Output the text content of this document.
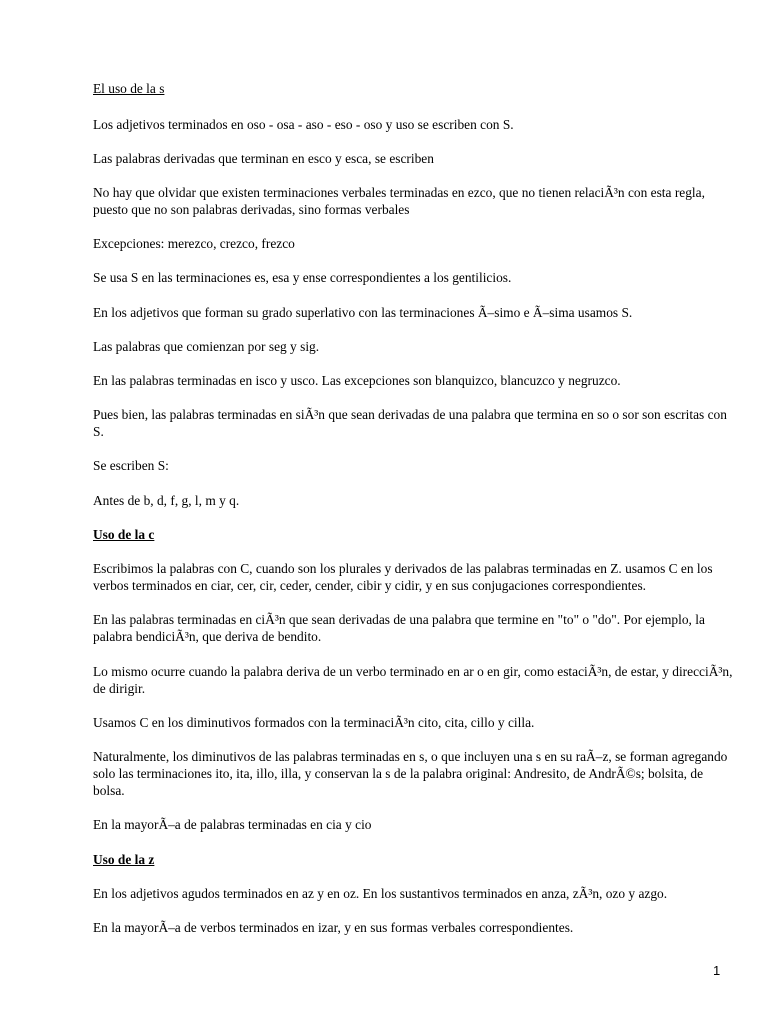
El uso de la s

Los adjetivos terminados en oso - osa - aso - eso - oso y uso se escriben con S.

Las palabras derivadas que terminan en esco y esca, se escriben

No hay que olvidar que existen terminaciones verbales terminadas en ezco, que no tienen relaciÃ³n con esta regla, puesto que no son palabras derivadas, sino formas verbales

Excepciones: merezco, crezco, frezco

Se usa S en las terminaciones es, esa y ense correspondientes a los gentilicios.

En los adjetivos que forman su grado superlativo con las terminaciones Ã–simo e Ã–sima usamos S.

Las palabras que comienzan por seg y sig.

En las palabras terminadas en isco y usco. Las excepciones son blanquizco, blancuzco y negruzco.

Pues bien, las palabras terminadas en siÃ³n que sean derivadas de una palabra que termina en so o sor son escritas con S.

Se escriben S:

Antes de b, d, f, g, l, m y q.

Uso de la c

Escribimos la palabras con C, cuando son los plurales y derivados de las palabras terminadas en Z. usamos C en los verbos terminados en ciar, cer, cir, ceder, cender, cibir y cidir, y en sus conjugaciones correspondientes.

En las palabras terminadas en ciÃ³n que sean derivadas de una palabra que termine en "to" o "do". Por ejemplo, la palabra bendiciÃ³n, que deriva de bendito.

Lo mismo ocurre cuando la palabra deriva de un verbo terminado en ar o en gir, como estaciÃ³n, de estar, y direcciÃ³n, de dirigir.

Usamos C en los diminutivos formados con la terminaciÃ³n cito, cita, cillo y cilla.

Naturalmente, los diminutivos de las palabras terminadas en s, o que incluyen una s en su raÃ–z, se forman agregando solo las terminaciones ito, ita, illo, illa, y conservan la s de la palabra original: Andresito, de AndrÃ©s; bolsita, de bolsa.

En la mayorÃ–a de palabras terminadas en cia y cio

Uso de la z

En los adjetivos agudos terminados en az y en oz. En los sustantivos terminados en anza, zÃ³n, ozo y azgo.

En la mayorÃ–a de verbos terminados en izar, y en sus formas verbales correspondientes.

1
